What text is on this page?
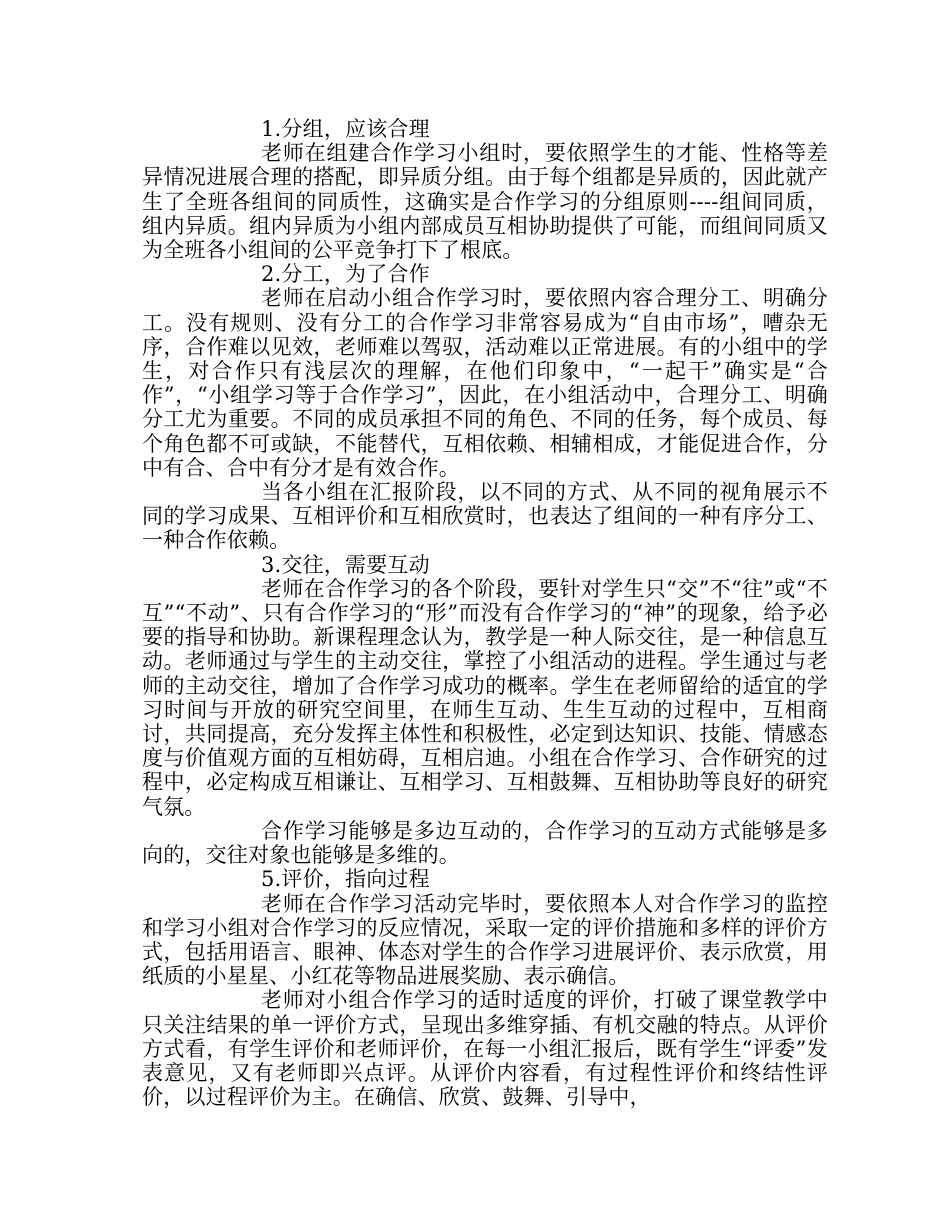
1.分组，应该合理

老师在组建合作学习小组时，要依照学生的才能、性格等差异情况进展合理的搭配，即异质分组。由于每个组都是异质的，因此就产生了全班各组间的同质性，这确实是合作学习的分组原则----组间同质，组内异质。组内异质为小组内部成员互相协助提供了可能，而组间同质又为全班各小组间的公平竞争打下了根底。

2.分工，为了合作

老师在启动小组合作学习时，要依照内容合理分工、明确分工。没有规则、没有分工的合作学习非常容易成为“自由市场”，嘈杂无序，合作难以见效，老师难以驾驭，活动难以正常进展。有的小组中的学生，对合作只有浅层次的理解，在他们印象中，“一起干”确实是“合作”，“小组学习等于合作学习”，因此，在小组活动中，合理分工、明确分工尤为重要。不同的成员承担不同的角色、不同的任务，每个成员、每个角色都不可或缺，不能替代，互相依赖、相辅相成，才能促进合作，分中有合、合中有分才是有效合作。

当各小组在汇报阶段，以不同的方式、从不同的视角展示不同的学习成果、互相评价和互相欣赏时，也表达了组间的一种有序分工、一种合作依赖。

3.交往，需要互动

老师在合作学习的各个阶段，要针对学生只“交”不“往”或“不互”“不动”、只有合作学习的“形”而没有合作学习的“神”的现象，给予必要的指导和协助。新课程理念认为，教学是一种人际交往，是一种信息互动。老师通过与学生的主动交往，掌控了小组活动的进程。学生通过与老师的主动交往，增加了合作学习成功的概率。学生在老师留给的适宜的学习时间与开放的研究空间里，在师生互动、生生互动的过程中，互相商讨，共同提高，充分发挥主体性和积极性，必定到达知识、技能、情感态度与价值观方面的互相妨碍，互相启迪。小组在合作学习、合作研究的过程中，必定构成互相谦让、互相学习、互相鼓舞、互相协助等良好的研究气氛。

合作学习能够是多边互动的，合作学习的互动方式能够是多向的，交往对象也能够是多维的。

5.评价，指向过程

老师在合作学习活动完毕时，要依照本人对合作学习的监控和学习小组对合作学习的反应情况，采取一定的评价措施和多样的评价方式，包括用语言、眼神、体态对学生的合作学习进展评价、表示欣赏，用纸质的小星星、小红花等物品进展奖励、表示确信。

老师对小组合作学习的适时适度的评价，打破了课堂教学中只关注结果的单一评价方式，呈现出多维穿插、有机交融的特点。从评价方式看，有学生评价和老师评价，在每一小组汇报后，既有学生“评委”发表意见，又有老师即兴点评。从评价内容看，有过程性评价和终结性评价，以过程评价为主。在确信、欣赏、鼓舞、引导中，
